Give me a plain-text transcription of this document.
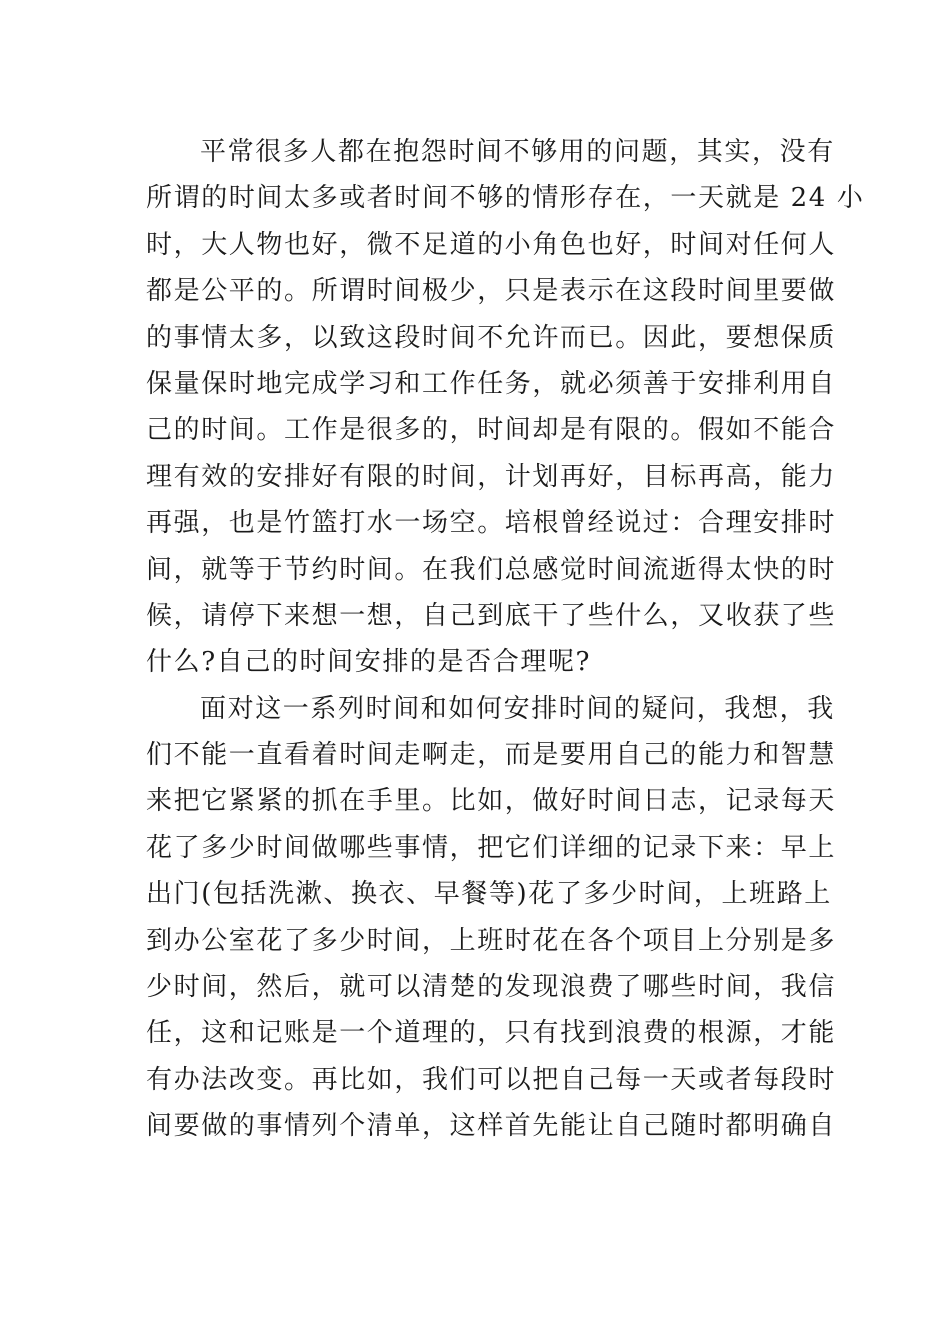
平常很多人都在抱怨时间不够用的问题，其实，没有
所谓的时间太多或者时间不够的情形存在，一天就是 24 小
时，大人物也好，微不足道的小角色也好，时间对任何人
都是公平的。所谓时间极少，只是表示在这段时间里要做
的事情太多，以致这段时间不允许而已。因此，要想保质
保量保时地完成学习和工作任务，就必须善于安排利用自
己的时间。工作是很多的，时间却是有限的。假如不能合
理有效的安排好有限的时间，计划再好，目标再高，能力
再强，也是竹篮打水一场空。培根曾经说过：合理安排时
间，就等于节约时间。在我们总感觉时间流逝得太快的时
候，请停下来想一想，自己到底干了些什么，又收获了些
什么?自己的时间安排的是否合理呢?
面对这一系列时间和如何安排时间的疑问，我想，我
们不能一直看着时间走啊走，而是要用自己的能力和智慧
来把它紧紧的抓在手里。比如，做好时间日志，记录每天
花了多少时间做哪些事情，把它们详细的记录下来：早上
出门(包括洗漱、换衣、早餐等)花了多少时间，上班路上
到办公室花了多少时间，上班时花在各个项目上分别是多
少时间，然后，就可以清楚的发现浪费了哪些时间，我信
任，这和记账是一个道理的，只有找到浪费的根源，才能
有办法改变。再比如，我们可以把自己每一天或者每段时
间要做的事情列个清单，这样首先能让自己随时都明确自
